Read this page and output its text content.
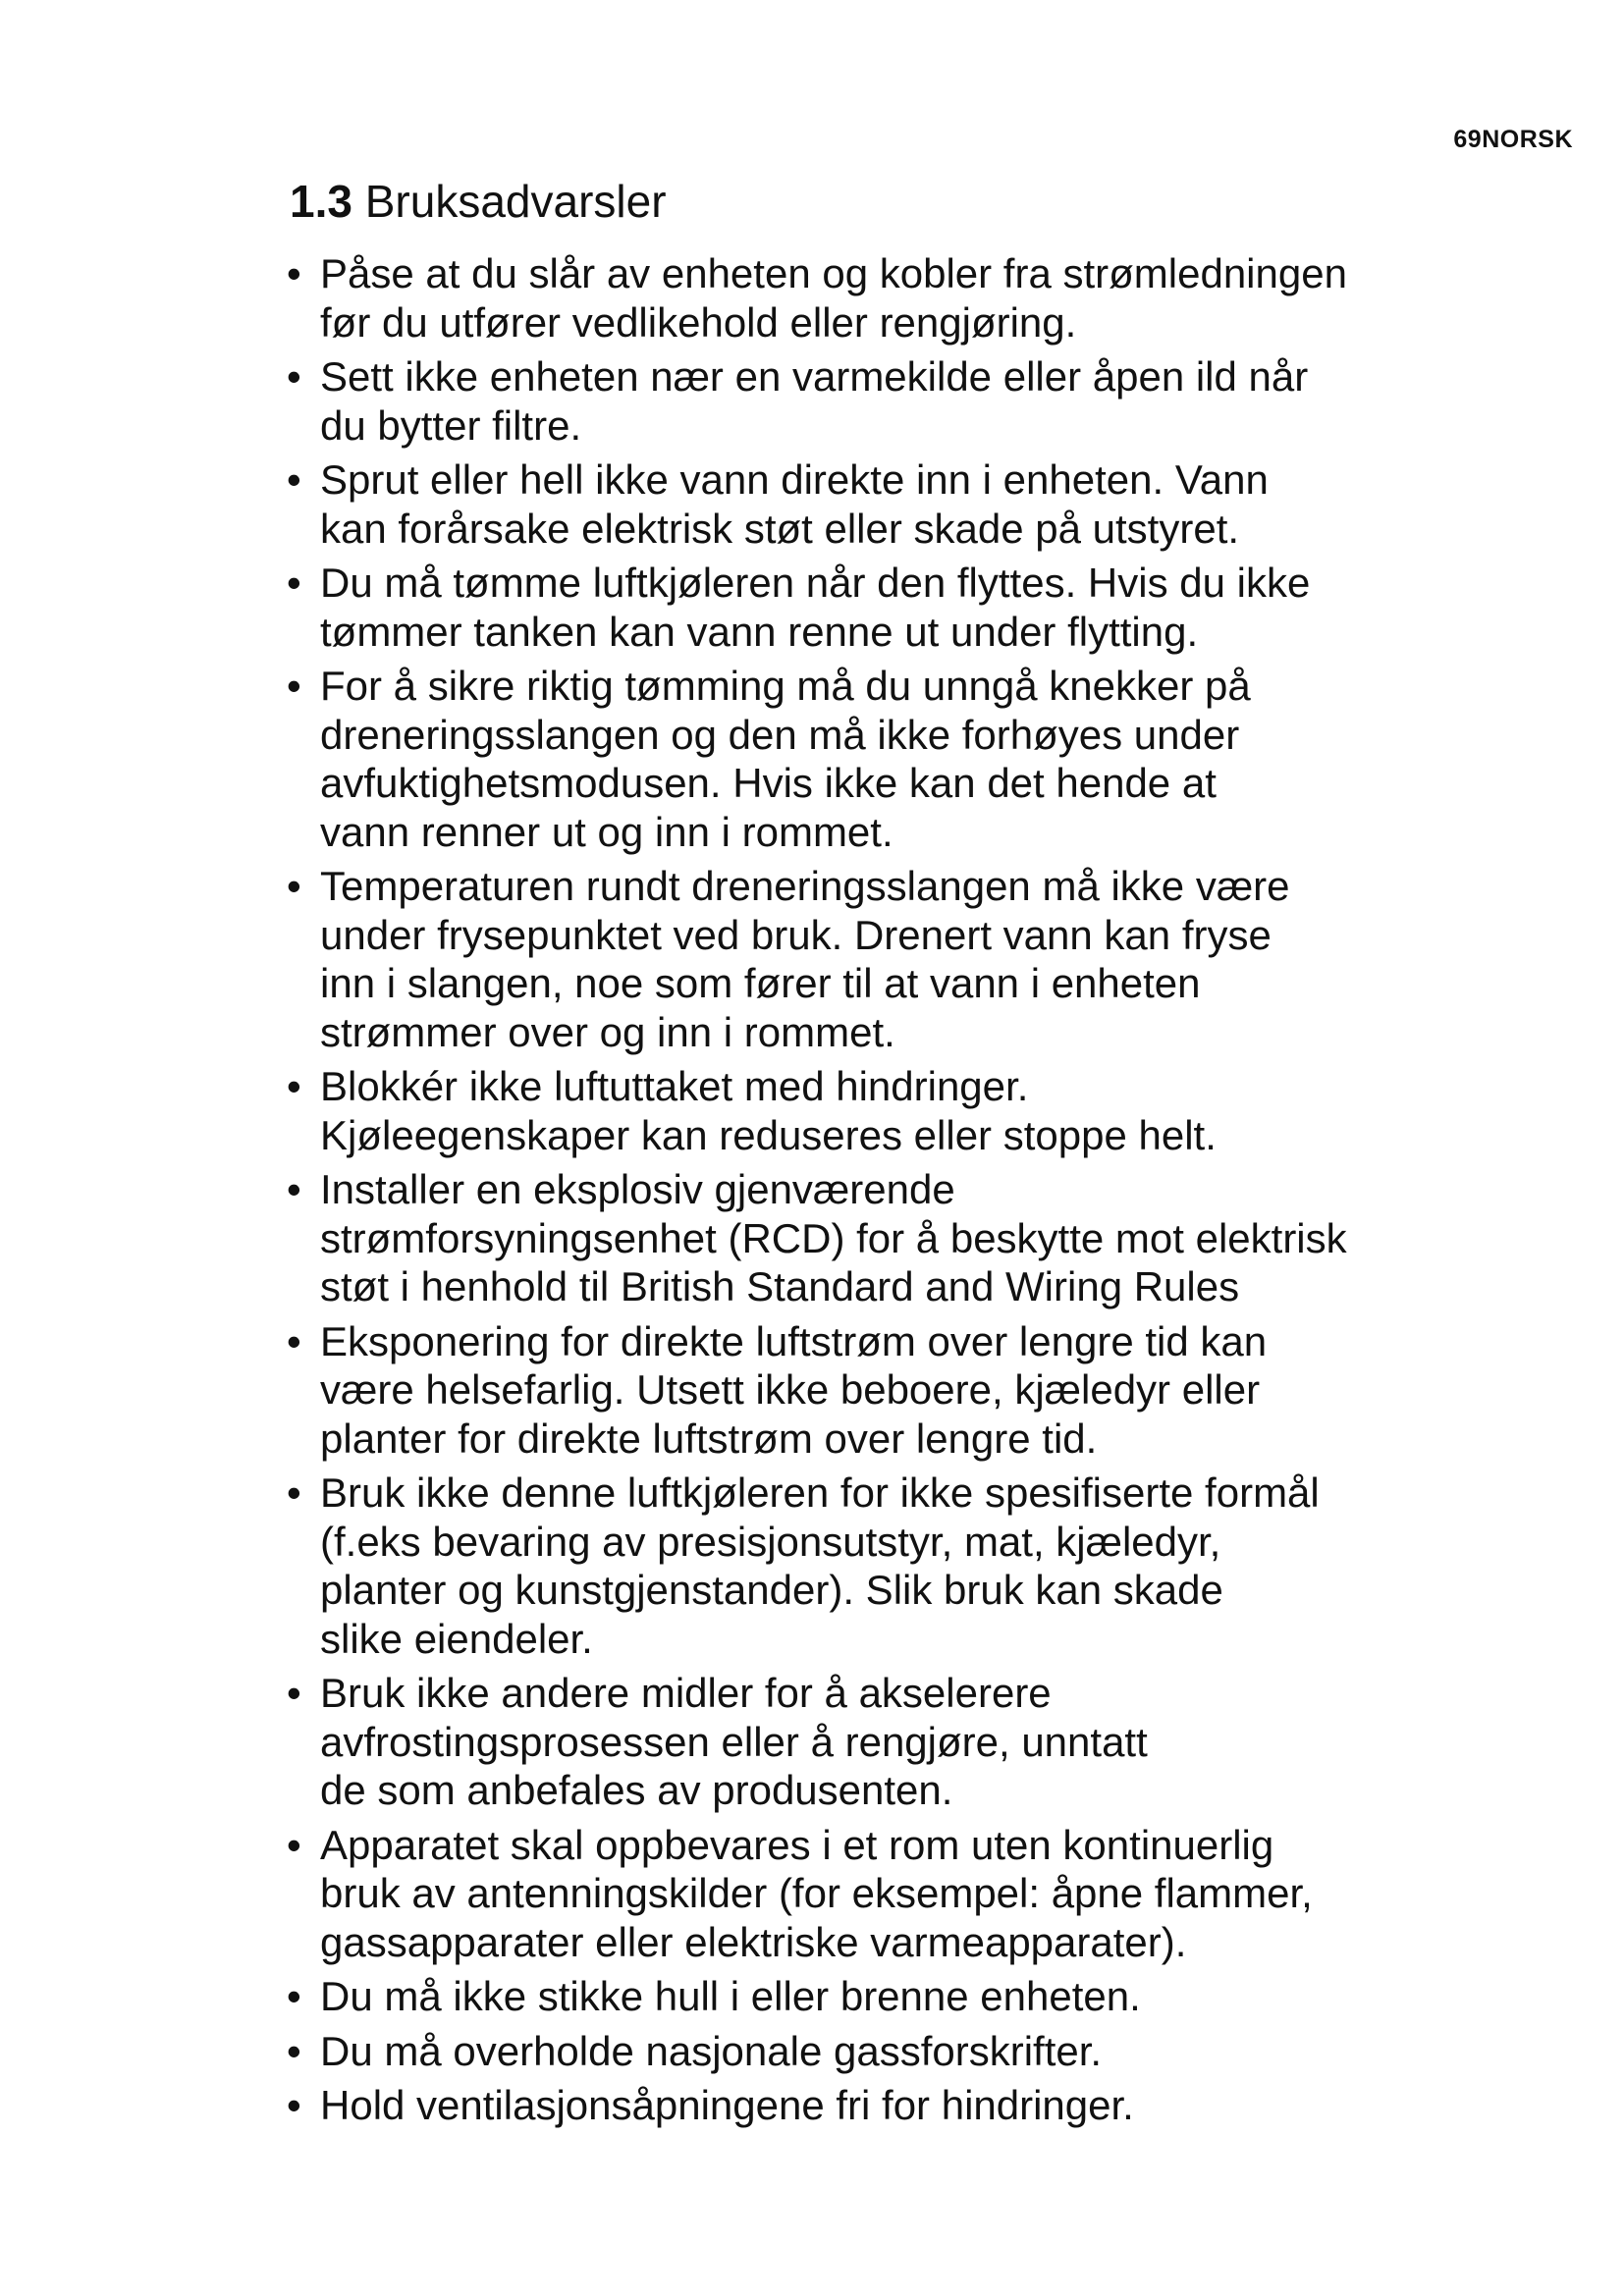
69NORSK
1.3 Bruksadvarsler
• Påse at du slår av enheten og kobler fra strømledningen
før du utfører vedlikehold eller rengjøring.
• Sett ikke enheten nær en varmekilde eller åpen ild når
du bytter filtre.
• Sprut eller hell ikke vann direkte inn i enheten. Vann
kan forårsake elektrisk støt eller skade på utstyret.
• Du må tømme luftkjøleren når den flyttes. Hvis du ikke
tømmer tanken kan vann renne ut under flytting.
• For å sikre riktig tømming må du unngå knekker på
dreneringsslangen og den må ikke forhøyes under
avfuktighetsmodusen. Hvis ikke kan det hende at
vann renner ut og inn i rommet.
• Temperaturen rundt dreneringsslangen må ikke være
under frysepunktet ved bruk. Drenert vann kan fryse
inn i slangen, noe som fører til at vann i enheten
strømmer over og inn i rommet.
• Blokkér ikke luftuttaket med hindringer.
Kjøleegenskaper kan reduseres eller stoppe helt.
• Installer en eksplosiv gjenværende
strømforsyningsenhet (RCD) for å beskytte mot elektrisk
støt i henhold til British Standard and Wiring Rules
• Eksponering for direkte luftstrøm over lengre tid kan
være helsefarlig. Utsett ikke beboere, kjæledyr eller
planter for direkte luftstrøm over lengre tid.
• Bruk ikke denne luftkjøleren for ikke spesifiserte formål
(f.eks bevaring av presisjonsutstyr, mat, kjæledyr,
planter og kunstgjenstander). Slik bruk kan skade
slike eiendeler.
• Bruk ikke andere midler for å akselerere
avfrostingsprosessen eller å rengjøre, unntatt
de som anbefales av produsenten.
• Apparatet skal oppbevares i et rom uten kontinuerlig
bruk av antenningskilder (for eksempel: åpne flammer,
gassapparater eller elektriske varmeapparater).
• Du må ikke stikke hull i eller brenne enheten.
• Du må overholde nasjonale gassforskrifter.
• Hold ventilasjonsåpningene fri for hindringer.
